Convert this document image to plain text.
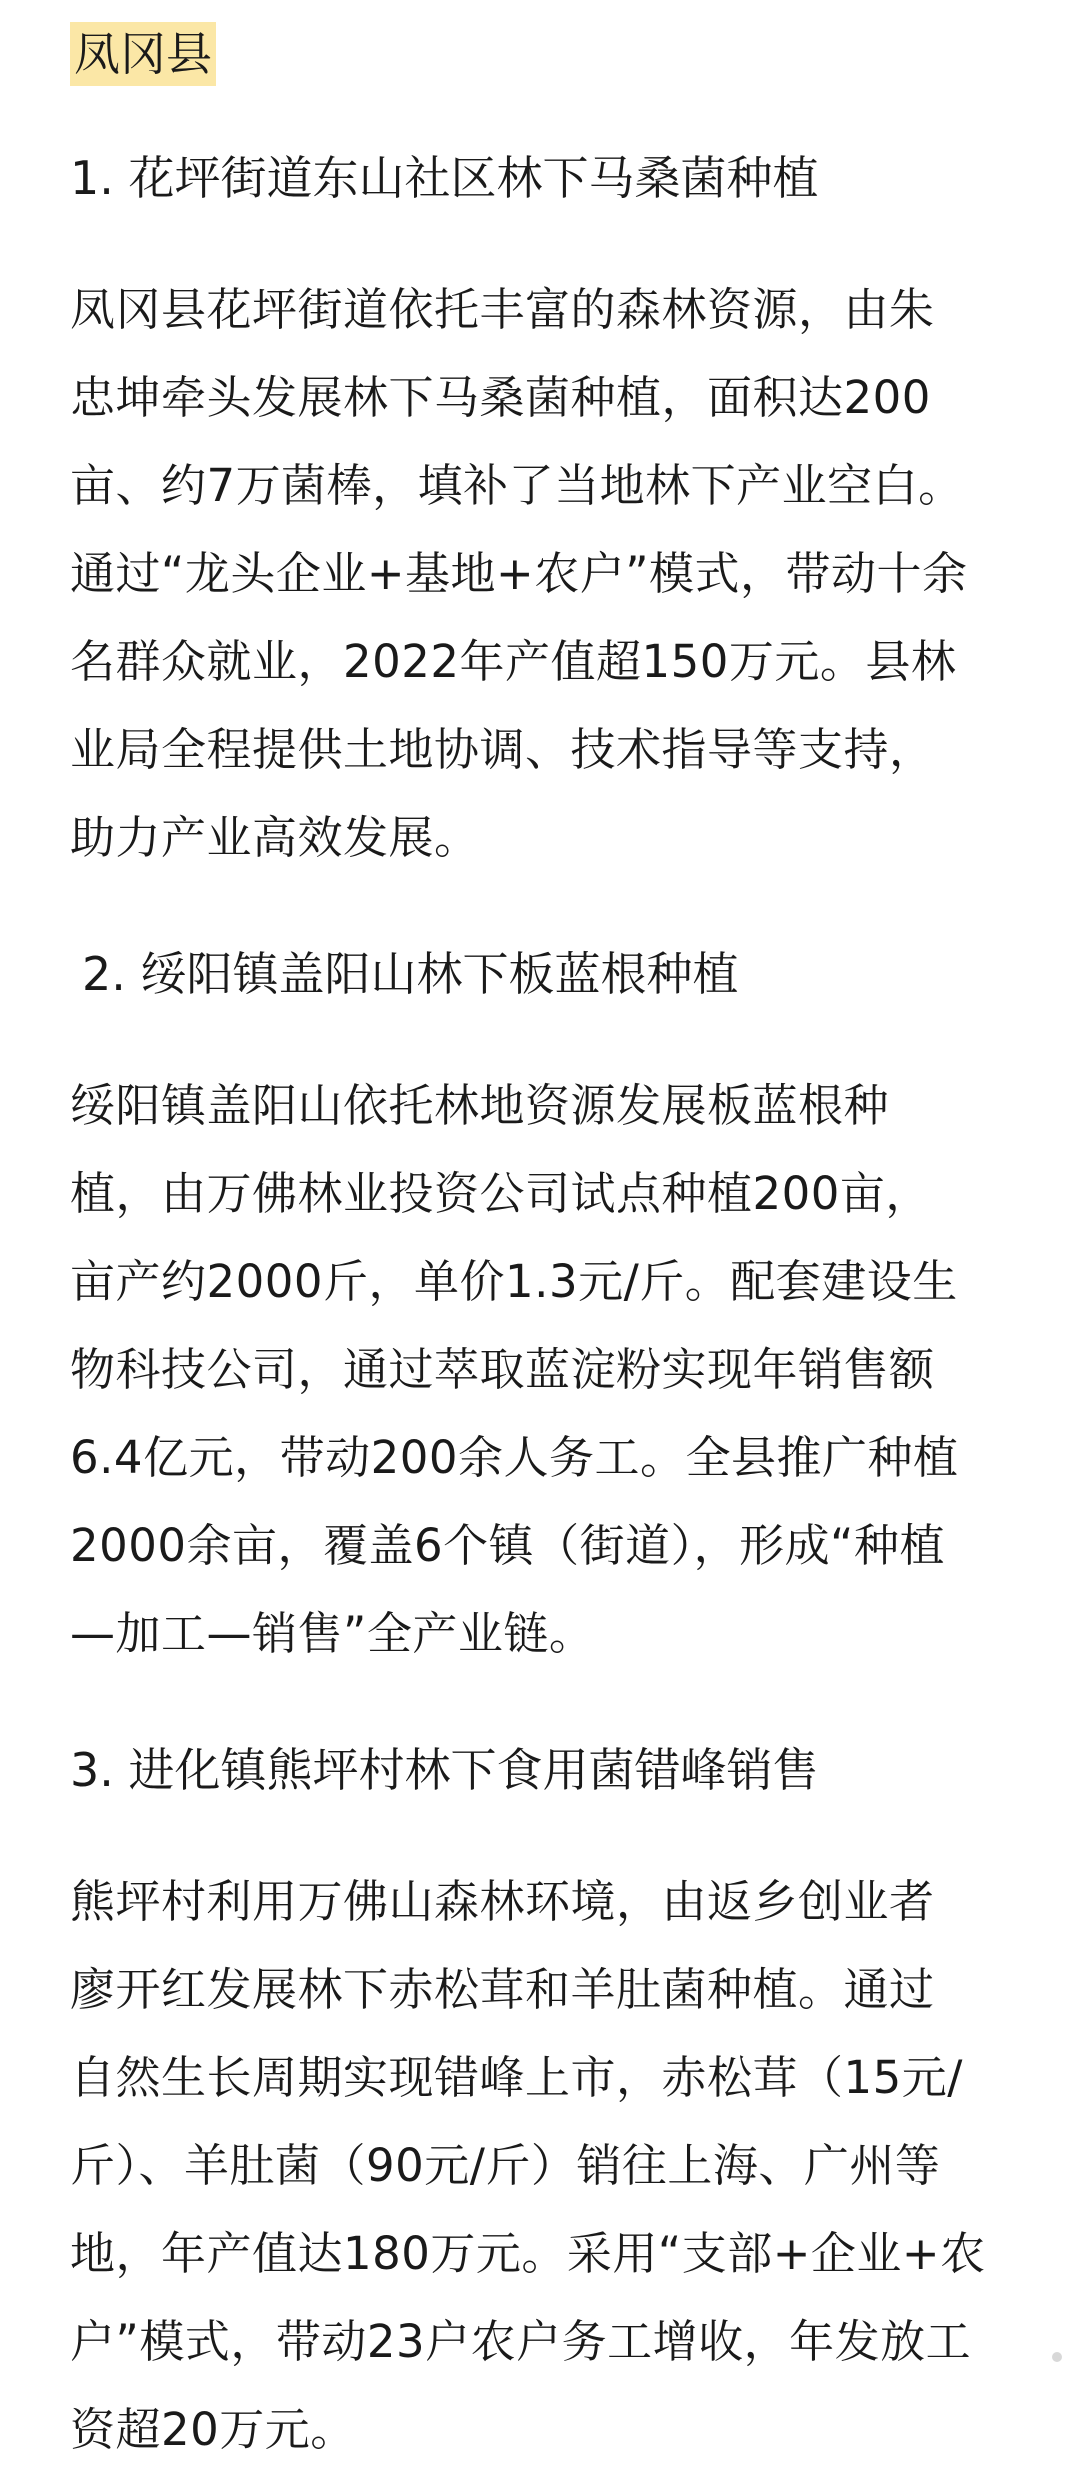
凤冈县
1. 花坪街道东山社区林下马桑菌种植

凤冈县花坪街道依托丰富的森林资源，由朱
忠坤牵头发展林下马桑菌种植，面积达200
亩、约7万菌棒，填补了当地林下产业空白。
通过“龙头企业+基地+农户”模式，带动十余
名群众就业，2022年产值超150万元。县林
业局全程提供土地协调、技术指导等支持，
助力产业高效发展。

2. 绥阳镇盖阳山林下板蓝根种植

绥阳镇盖阳山依托林地资源发展板蓝根种
植，由万佛林业投资公司试点种植200亩，
亩产约2000斤，单价1.3元/斤。配套建设生
物科技公司，通过萃取蓝淀粉实现年销售额
6.4亿元，带动200余人务工。全县推广种植
2000余亩，覆盖6个镇（街道），形成“种植
—加工—销售”全产业链。

3. 进化镇熊坪村林下食用菌错峰销售

熊坪村利用万佛山森林环境，由返乡创业者
廖开红发展林下赤松茸和羊肚菌种植。通过
自然生长周期实现错峰上市，赤松茸（15元/
斤）、羊肚菌（90元/斤）销往上海、广州等
地，年产值达180万元。采用“支部+企业+农
户”模式，带动23户农户务工增收，年发放工
资超20万元。
